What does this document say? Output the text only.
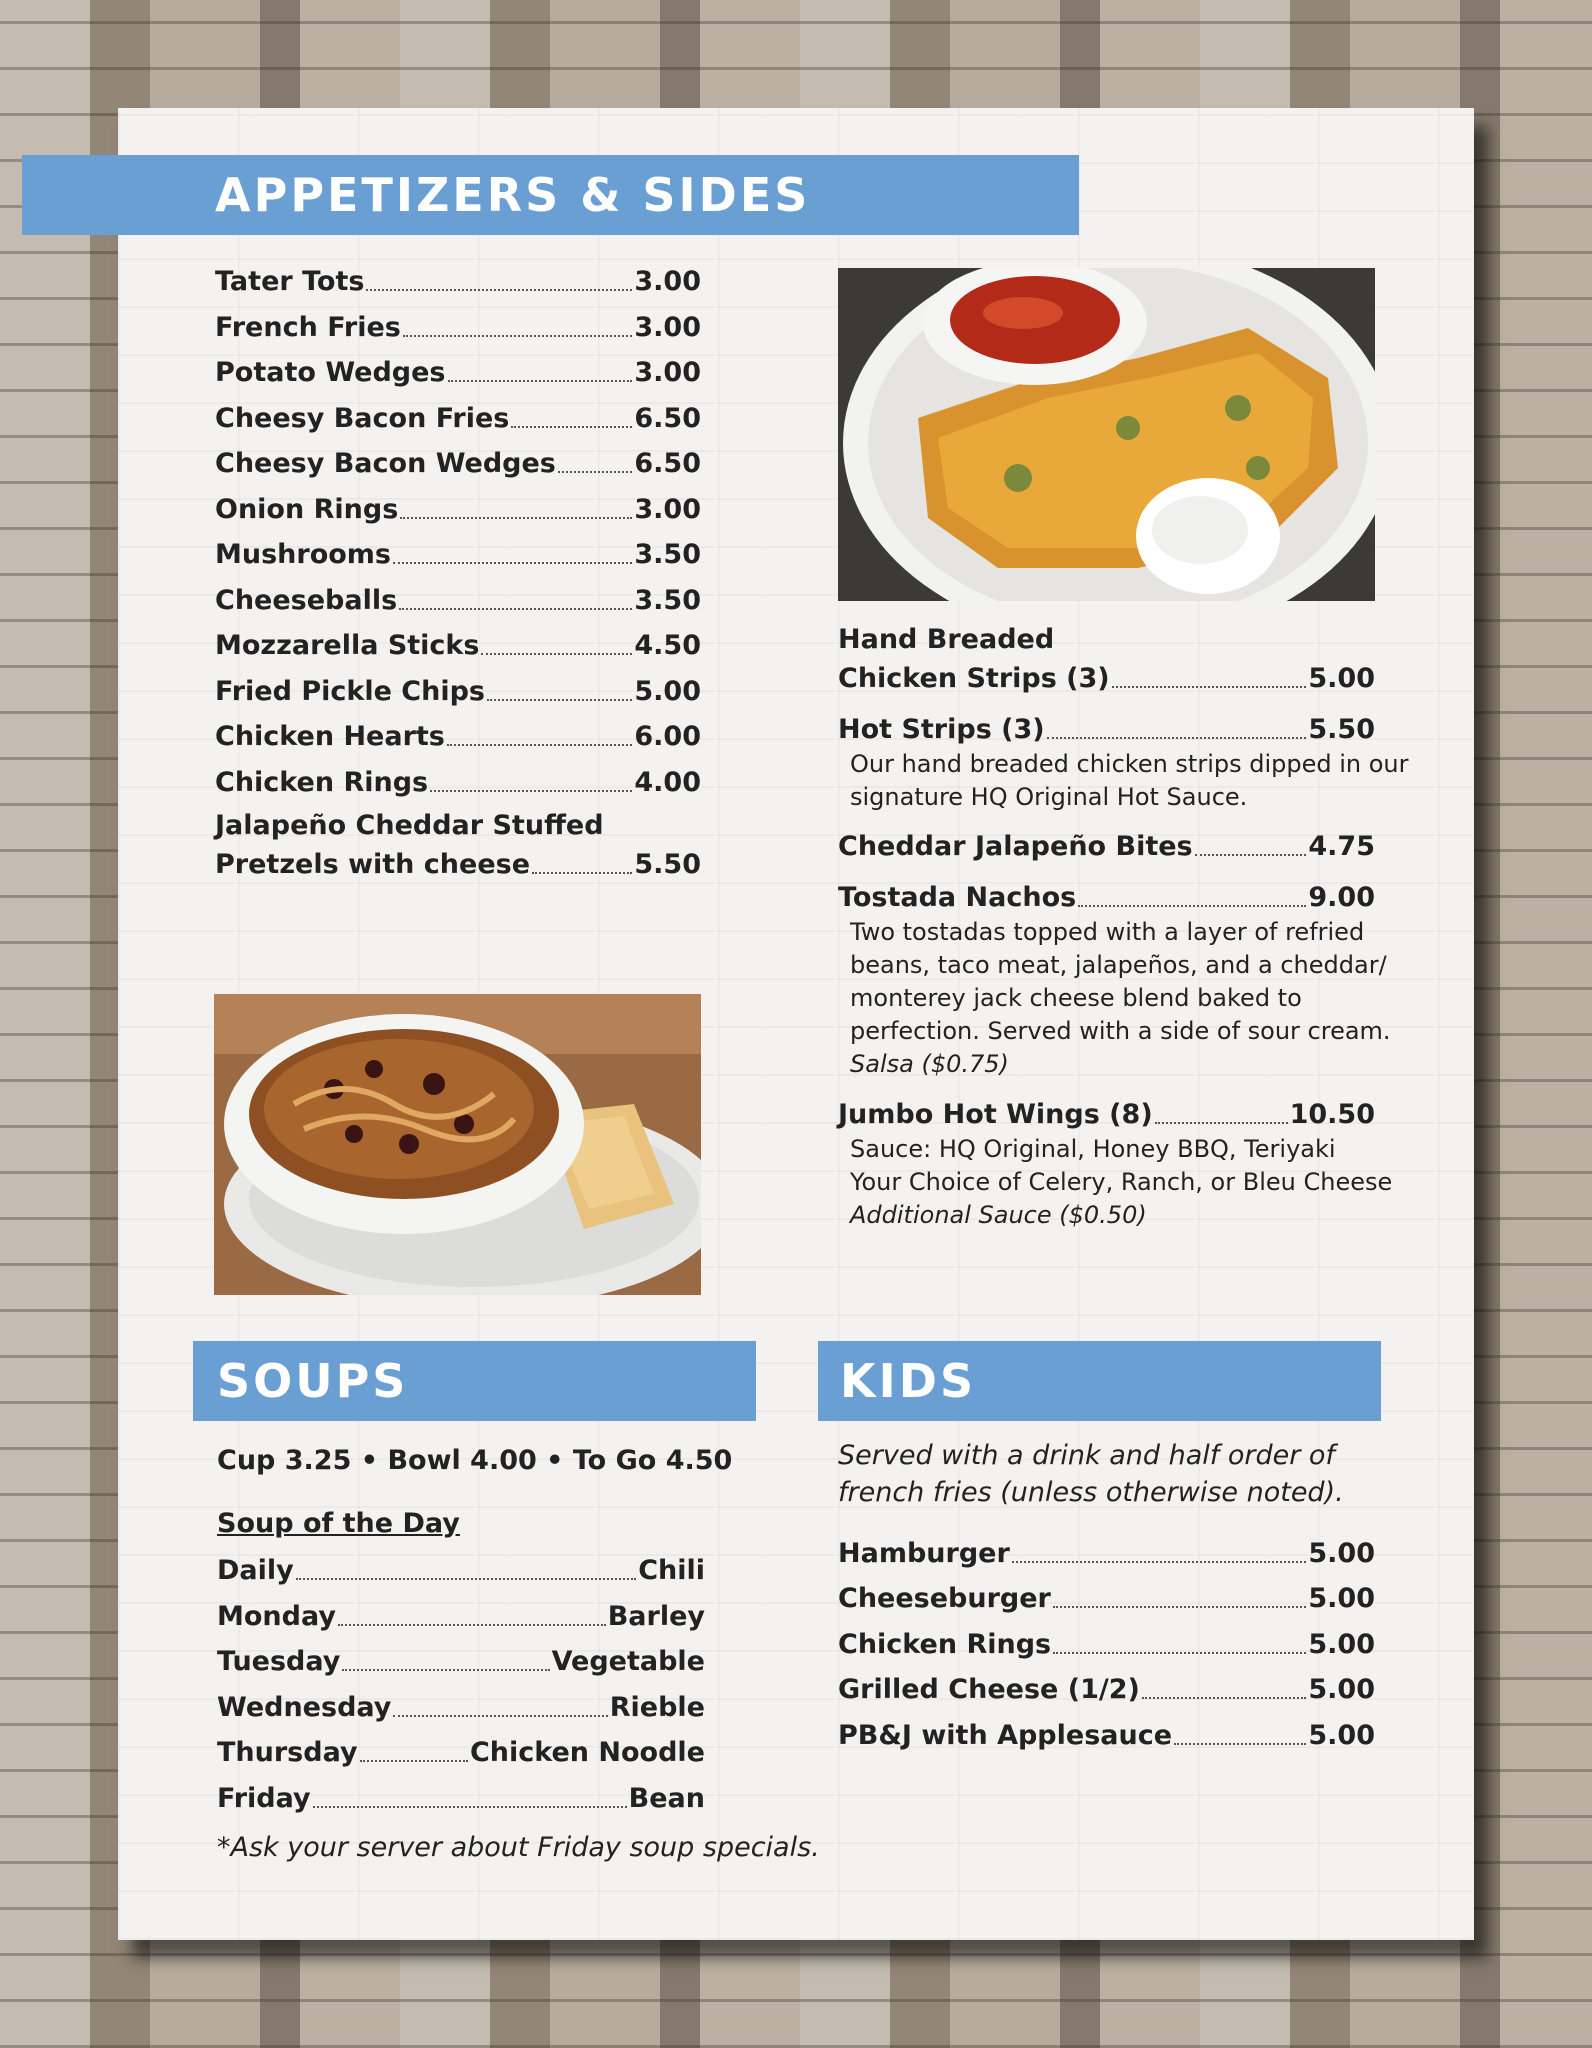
APPETIZERS & SIDES
SOUPS	KIDS
Tater Tots	3.00
French Fries	3.00
Potato Wedges	3.00
Cheesy Bacon Fries	6.50
Cheesy Bacon Wedges	6.50
Onion Rings	3.00
Mushrooms	3.50
Cheeseballs	3.50
Mozzarella Sticks	4.50
Fried Pickle Chips	5.00
Chicken Hearts	6.00
Chicken Rings	4.00
Jalapeño Cheddar Stuffed
Pretzels with cheese	5.50
Hand Breaded
Chicken Strips (3)	5.00
Hot Strips (3)	5.50
Our hand breaded chicken strips dipped in our
signature HQ Original Hot Sauce.
Cheddar Jalapeño Bites	4.75
Tostada Nachos	9.00
Two tostadas topped with a layer of refried
beans, taco meat, jalapeños, and a cheddar/
monterey jack cheese blend baked to
perfection. Served with a side of sour cream.
Salsa ($0.75)
Jumbo Hot Wings (8)	10.50
Sauce: HQ Original, Honey BBQ, Teriyaki
Your Choice of Celery, Ranch, or Bleu Cheese
Additional Sauce ($0.50)
Cup 3.25 • Bowl 4.00 • To Go 4.50
Soup of the Day
Daily	Chili
Monday	Barley
Tuesday	Vegetable
Wednesday	Rieble
Thursday	Chicken Noodle
Friday	Bean
*Ask your server about Friday soup specials.
Served with a drink and half order of
french fries (unless otherwise noted).
Hamburger	5.00
Cheeseburger	5.00
Chicken Rings	5.00
Grilled Cheese (1/2)	5.00
PB&J with Applesauce	5.00
